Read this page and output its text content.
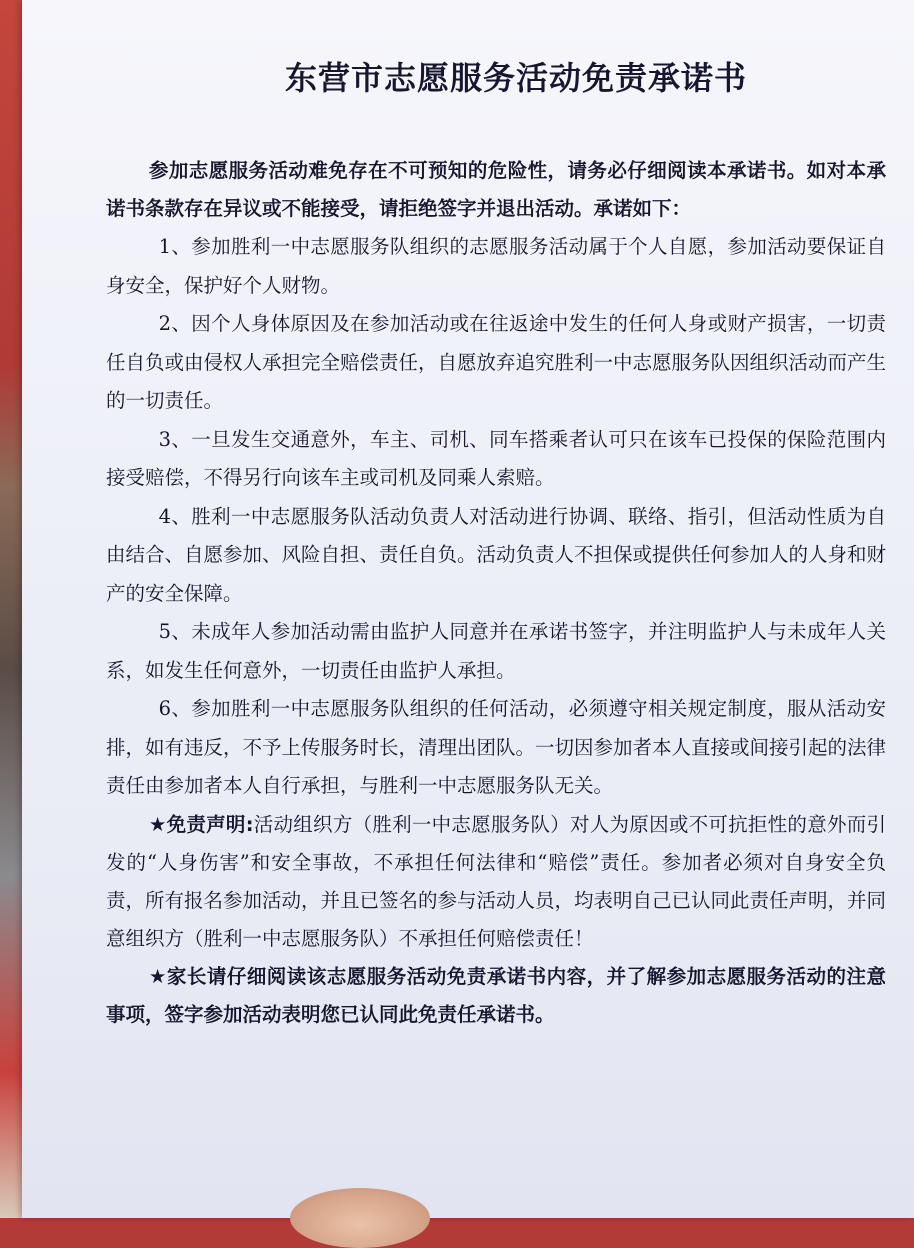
东营市志愿服务活动免责承诺书

参加志愿服务活动难免存在不可预知的危险性，请务必仔细阅读本承诺书。如对本承诺书条款存在异议或不能接受，请拒绝签字并退出活动。承诺如下：

1、参加胜利一中志愿服务队组织的志愿服务活动属于个人自愿，参加活动要保证自身安全，保护好个人财物。

2、因个人身体原因及在参加活动或在往返途中发生的任何人身或财产损害，一切责任自负或由侵权人承担完全赔偿责任，自愿放弃追究胜利一中志愿服务队因组织活动而产生的一切责任。

3、一旦发生交通意外，车主、司机、同车搭乘者认可只在该车已投保的保险范围内接受赔偿，不得另行向该车主或司机及同乘人索赔。

4、胜利一中志愿服务队活动负责人对活动进行协调、联络、指引，但活动性质为自由结合、自愿参加、风险自担、责任自负。活动负责人不担保或提供任何参加人的人身和财产的安全保障。

5、未成年人参加活动需由监护人同意并在承诺书签字，并注明监护人与未成年人关系，如发生任何意外，一切责任由监护人承担。

6、参加胜利一中志愿服务队组织的任何活动，必须遵守相关规定制度，服从活动安排，如有违反，不予上传服务时长，清理出团队。一切因参加者本人直接或间接引起的法律责任由参加者本人自行承担，与胜利一中志愿服务队无关。

★免责声明:活动组织方（胜利一中志愿服务队）对人为原因或不可抗拒性的意外而引发的“人身伤害”和安全事故，不承担任何法律和“赔偿”责任。参加者必须对自身安全负责，所有报名参加活动，并且已签名的参与活动人员，均表明自己已认同此责任声明，并同意组织方（胜利一中志愿服务队）不承担任何赔偿责任！

★家长请仔细阅读该志愿服务活动免责承诺书内容，并了解参加志愿服务活动的注意事项，签字参加活动表明您已认同此免责任承诺书。
